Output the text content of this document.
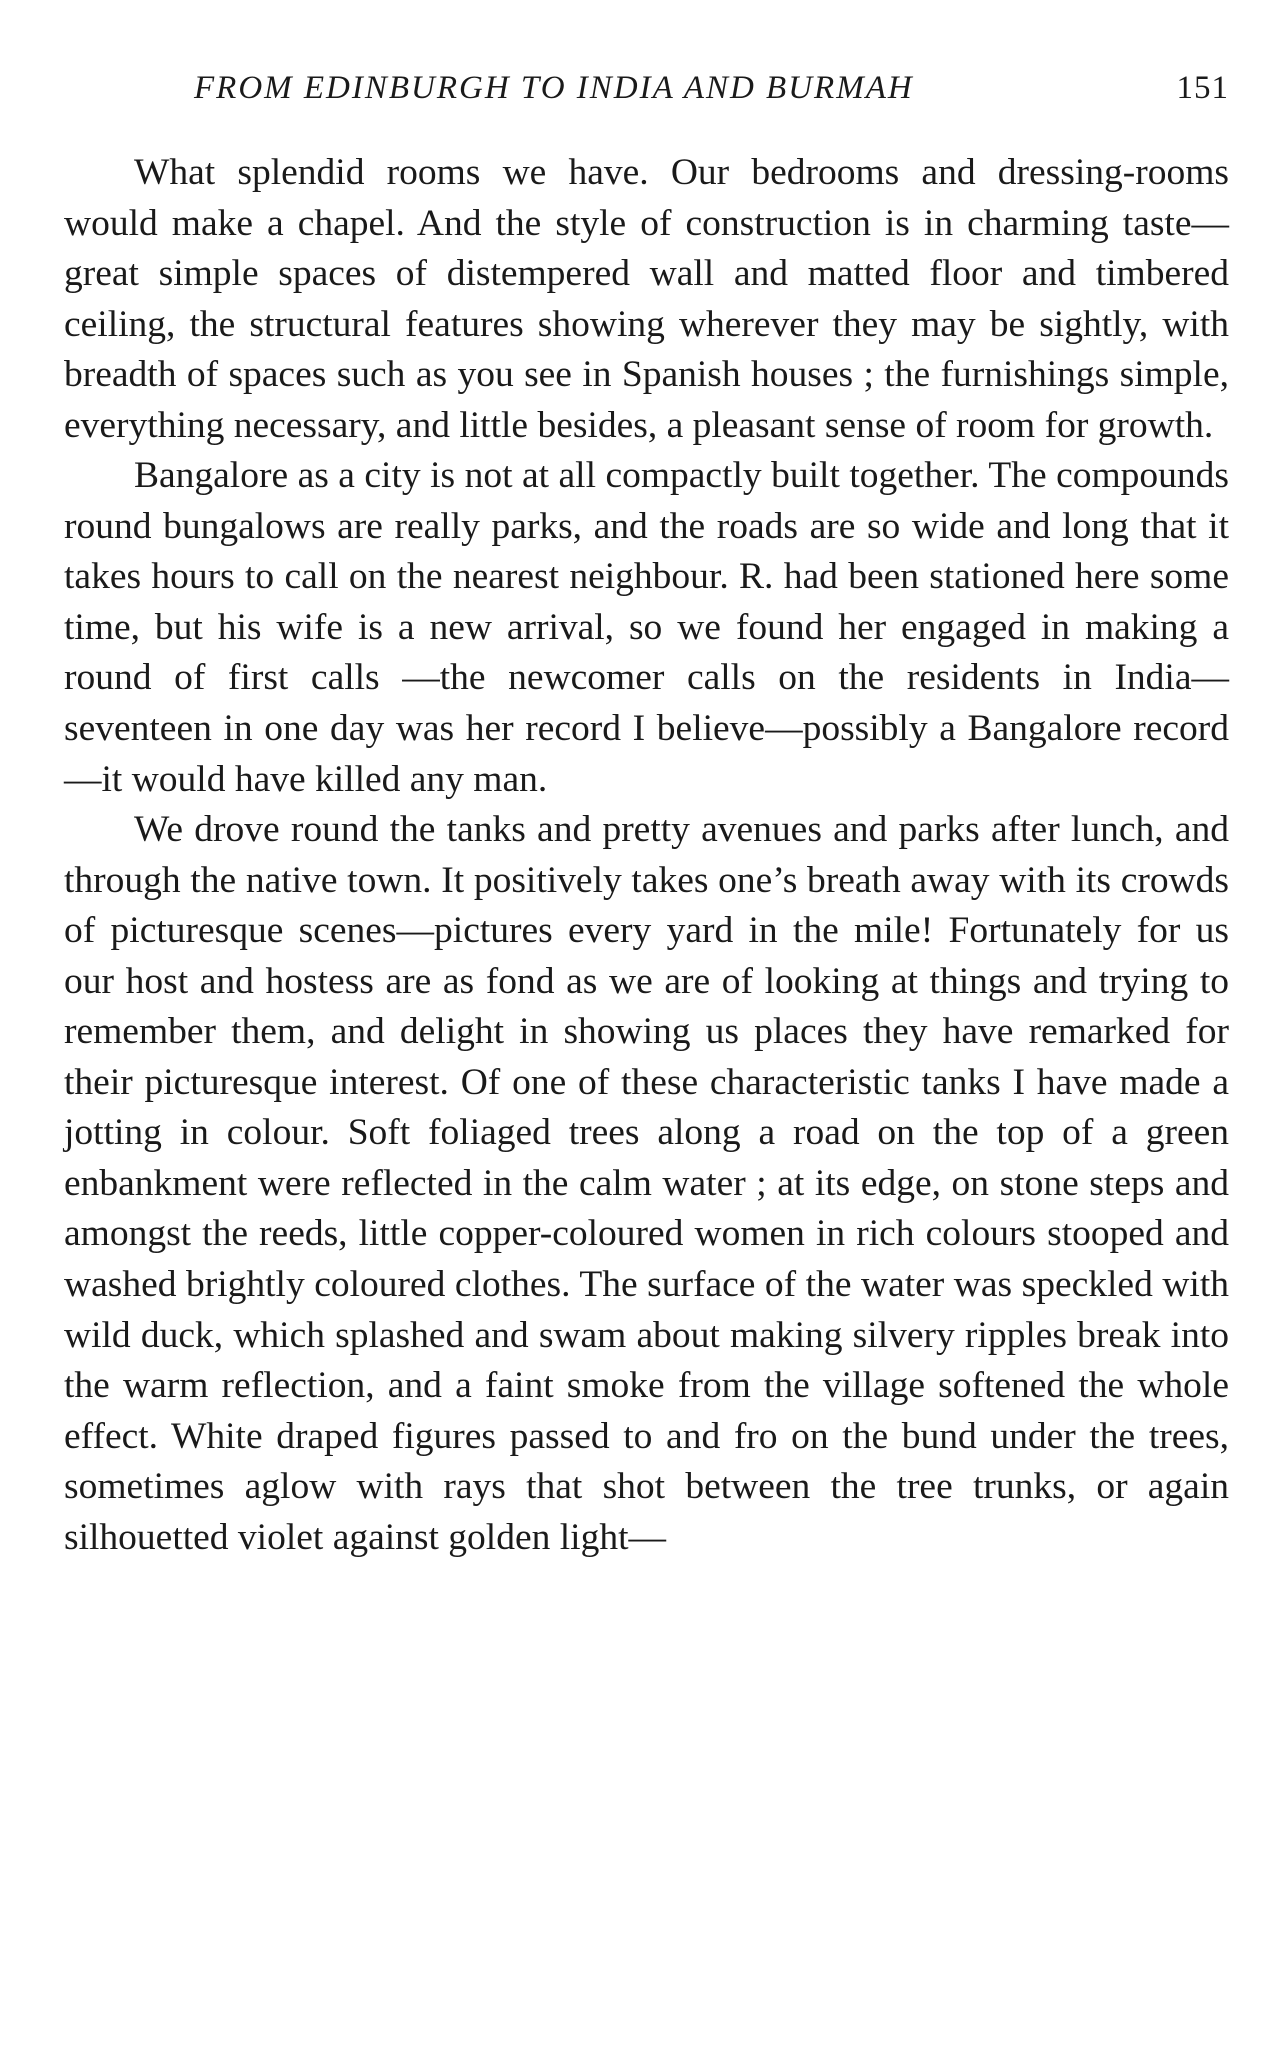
FROM EDINBURGH TO INDIA AND BURMAH	151

What splendid rooms we have. Our bedrooms and dressing-rooms would make a chapel. And the style of construction is in charming taste—great simple spaces of distempered wall and matted floor and timbered ceiling, the structural features showing wherever they may be sightly, with breadth of spaces such as you see in Spanish houses ; the furnishings simple, everything necessary, and little besides, a pleasant sense of room for growth.

Bangalore as a city is not at all compactly built together. The compounds round bungalows are really parks, and the roads are so wide and long that it takes hours to call on the nearest neighbour. R. had been stationed here some time, but his wife is a new arrival, so we found her engaged in making a round of first calls —the newcomer calls on the residents in India—seventeen in one day was her record I believe—possibly a Bangalore record—it would have killed any man.

We drove round the tanks and pretty avenues and parks after lunch, and through the native town. It positively takes one’s breath away with its crowds of picturesque scenes—pictures every yard in the mile! Fortunately for us our host and hostess are as fond as we are of looking at things and trying to remember them, and delight in showing us places they have remarked for their picturesque interest. Of one of these characteristic tanks I have made a jotting in colour. Soft foliaged trees along a road on the top of a green enbankment were reflected in the calm water ; at its edge, on stone steps and amongst the reeds, little copper-coloured women in rich colours stooped and washed brightly coloured clothes. The surface of the water was speckled with wild duck, which splashed and swam about making silvery ripples break into the warm reflection, and a faint smoke from the village softened the whole effect. White draped figures passed to and fro on the bund under the trees, sometimes aglow with rays that shot between the tree trunks, or again silhouetted violet against golden light—
